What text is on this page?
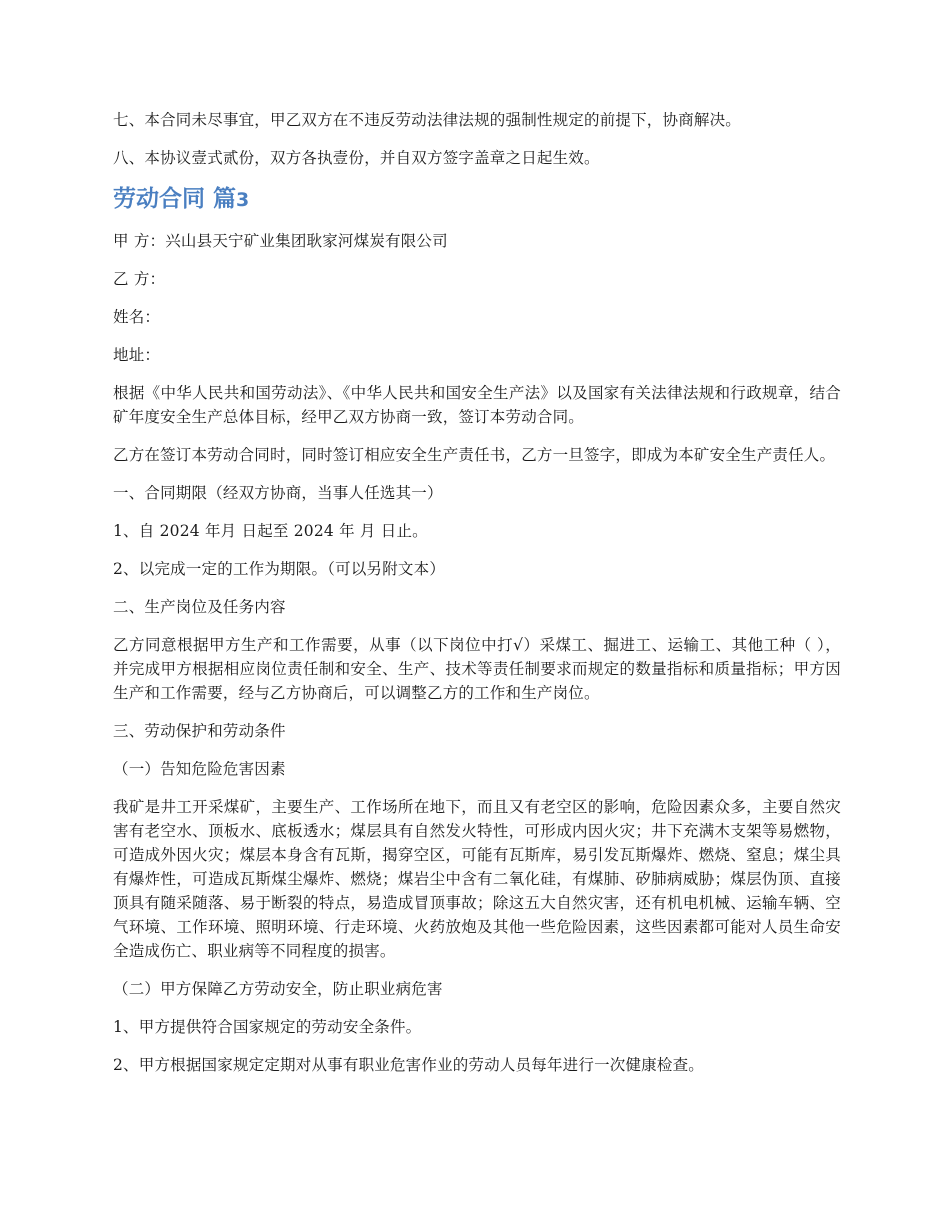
七、本合同未尽事宜，甲乙双方在不违反劳动法律法规的强制性规定的前提下，协商解决。

八、本协议壹式贰份，双方各执壹份，并自双方签字盖章之日起生效。

劳动合同 篇3

甲 方：兴山县天宁矿业集团耿家河煤炭有限公司

乙 方：

姓名：

地址：

根据《中华人民共和国劳动法》、《中华人民共和国安全生产法》以及国家有关法律法规和行政规章，结合矿年度安全生产总体目标，经甲乙双方协商一致，签订本劳动合同。

乙方在签订本劳动合同时，同时签订相应安全生产责任书，乙方一旦签字，即成为本矿安全生产责任人。

一、合同期限（经双方协商，当事人任选其一）

1、自 2024 年月 日起至 2024 年 月 日止。

2、以完成一定的工作为期限。（可以另附文本）

二、生产岗位及任务内容

乙方同意根据甲方生产和工作需要，从事（以下岗位中打√）采煤工、掘进工、运输工、其他工种（ ），并完成甲方根据相应岗位责任制和安全、生产、技术等责任制要求而规定的数量指标和质量指标；甲方因生产和工作需要，经与乙方协商后，可以调整乙方的工作和生产岗位。

三、劳动保护和劳动条件

（一）告知危险危害因素

我矿是井工开采煤矿，主要生产、工作场所在地下，而且又有老空区的影响，危险因素众多，主要自然灾害有老空水、顶板水、底板透水；煤层具有自然发火特性，可形成内因火灾；井下充满木支架等易燃物，可造成外因火灾；煤层本身含有瓦斯，揭穿空区，可能有瓦斯库，易引发瓦斯爆炸、燃烧、窒息；煤尘具有爆炸性，可造成瓦斯煤尘爆炸、燃烧；煤岩尘中含有二氧化硅，有煤肺、矽肺病威胁；煤层伪顶、直接顶具有随采随落、易于断裂的特点，易造成冒顶事故；除这五大自然灾害，还有机电机械、运输车辆、空气环境、工作环境、照明环境、行走环境、火药放炮及其他一些危险因素，这些因素都可能对人员生命安全造成伤亡、职业病等不同程度的损害。

（二）甲方保障乙方劳动安全，防止职业病危害

1、甲方提供符合国家规定的劳动安全条件。

2、甲方根据国家规定定期对从事有职业危害作业的劳动人员每年进行一次健康检查。
